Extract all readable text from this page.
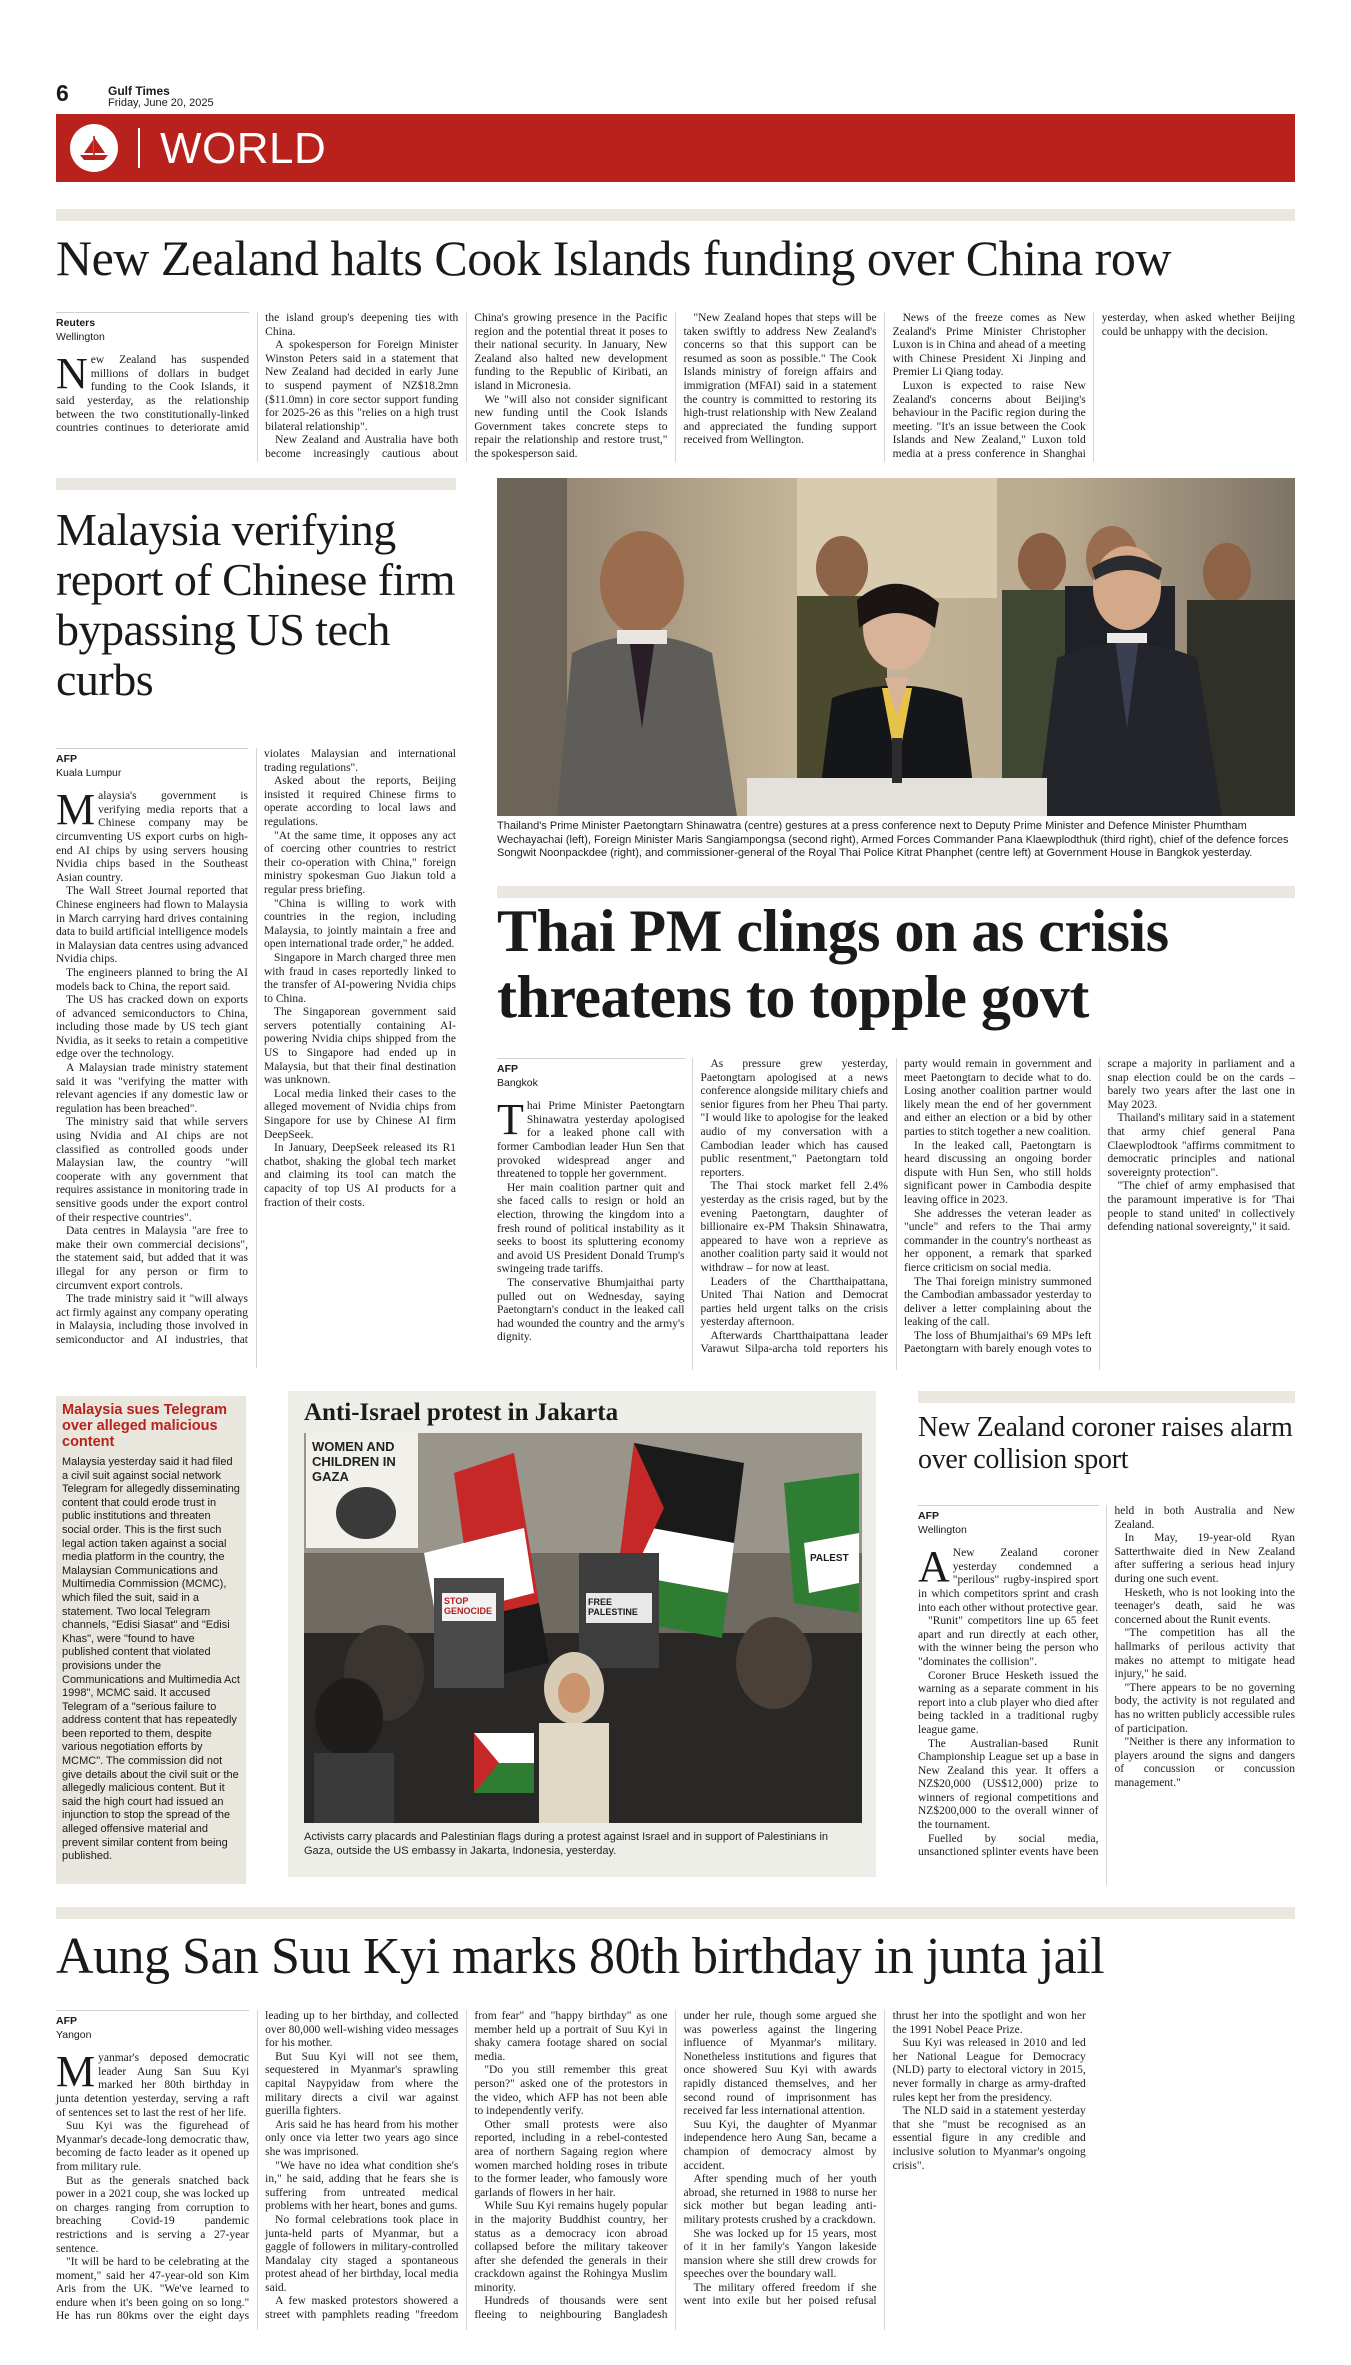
6	Gulf Times
Friday, June 20, 2025
WORLD
New Zealand halts Cook Islands funding over China row
Reuters
Wellington

New Zealand has suspended millions of dollars in budget funding to the Cook Islands, it said yesterday, as the relationship between the two constitutionally-linked countries continues to deteriorate amid the island group's deepening ties with China.

A spokesperson for Foreign Minister Winston Peters said in a statement that New Zealand had decided in early June to suspend payment of NZ$18.2mn ($11.0mn) in core sector support funding for 2025-26 as this "relies on a high trust bilateral relationship".

New Zealand and Australia have both become increasingly cautious about China's growing presence in the Pacific region and the potential threat it poses to their national security. In January, New Zealand also halted new development funding to the Republic of Kiribati, an island in Micronesia.

We "will also not consider significant new funding until the Cook Islands Government takes concrete steps to repair the relationship and restore trust," the spokesperson said.

"New Zealand hopes that steps will be taken swiftly to address New Zealand's concerns so that this support can be resumed as soon as possible." The Cook Islands ministry of foreign affairs and immigration (MFAI) said in a statement the country is committed to restoring its high-trust relationship with New Zealand and appreciated the funding support received from Wellington.

News of the freeze comes as New Zealand's Prime Minister Christopher Luxon is in China and ahead of a meeting with Chinese President Xi Jinping and Premier Li Qiang today.

Luxon is expected to raise New Zealand's concerns about Beijing's behaviour in the Pacific region during the meeting. "It's an issue between the Cook Islands and New Zealand," Luxon told media at a press conference in Shanghai yesterday, when asked whether Beijing could be unhappy with the decision.

Malaysia verifying report of Chinese firm bypassing US tech curbs
AFP
Kuala Lumpur

Malaysia's government is verifying media reports that a Chinese company may be circumventing US export curbs on high-end AI chips by using servers housing Nvidia chips based in the Southeast Asian country.

The Wall Street Journal reported that Chinese engineers had flown to Malaysia in March carrying hard drives containing data to build artificial intelligence models in Malaysian data centres using advanced Nvidia chips.

The engineers planned to bring the AI models back to China, the report said.

The US has cracked down on exports of advanced semiconductors to China, including those made by US tech giant Nvidia, as it seeks to retain a competitive edge over the technology.

A Malaysian trade ministry statement said it was "verifying the matter with relevant agencies if any domestic law or regulation has been breached".

The ministry said that while servers using Nvidia and AI chips are not classified as controlled goods under Malaysian law, the country "will cooperate with any government that requires assistance in monitoring trade in sensitive goods under the export control of their respective countries".

Data centres in Malaysia "are free to make their own commercial decisions", the statement said, but added that it was illegal for any person or firm to circumvent export controls.

The trade ministry said it "will always act firmly against any company operating in Malaysia, including those involved in semiconductor and AI industries, that violates Malaysian and international trading regulations".

Asked about the reports, Beijing insisted it required Chinese firms to operate according to local laws and regulations.

"At the same time, it opposes any act of coercing other countries to restrict their co-operation with China," foreign ministry spokesman Guo Jiakun told a regular press briefing.

"China is willing to work with countries in the region, including Malaysia, to jointly maintain a free and open international trade order," he added.

Singapore in March charged three men with fraud in cases reportedly linked to the transfer of AI-powering Nvidia chips to China.

The Singaporean government said servers potentially containing AI-powering Nvidia chips shipped from the US to Singapore had ended up in Malaysia, but that their final destination was unknown.

Local media linked their cases to the alleged movement of Nvidia chips from Singapore for use by Chinese AI firm DeepSeek.

In January, DeepSeek released its R1 chatbot, shaking the global tech market and claiming its tool can match the capacity of top US AI products for a fraction of their costs.

Thailand's Prime Minister Paetongtarn Shinawatra (centre) gestures at a press conference next to Deputy Prime Minister and Defence Minister Phumtham Wechayachai (left), Foreign Minister Maris Sangiampongsa (second right), Armed Forces Commander Pana Klaewplodthuk (third right), chief of the defence forces Songwit Noonpackdee (right), and commissioner-general of the Royal Thai Police Kitrat Phanphet (centre left) at Government House in Bangkok yesterday.
Thai PM clings on as crisis threatens to topple govt
AFP
Bangkok

Thai Prime Minister Paetongtarn Shinawatra yesterday apologised for a leaked phone call with former Cambodian leader Hun Sen that provoked widespread anger and threatened to topple her government.

Her main coalition partner quit and she faced calls to resign or hold an election, throwing the kingdom into a fresh round of political instability as it seeks to boost its spluttering economy and avoid US President Donald Trump's swingeing trade tariffs.

The conservative Bhumjaithai party pulled out on Wednesday, saying Paetongtarn's conduct in the leaked call had wounded the country and the army's dignity.

As pressure grew yesterday, Paetongtarn apologised at a news conference alongside military chiefs and senior figures from her Pheu Thai party. "I would like to apologise for the leaked audio of my conversation with a Cambodian leader which has caused public resentment," Paetongtarn told reporters.

The Thai stock market fell 2.4% yesterday as the crisis raged, but by the evening Paetongtarn, daughter of billionaire ex-PM Thaksin Shinawatra, appeared to have won a reprieve as another coalition party said it would not withdraw – for now at least.

Leaders of the Chartthaipattana, United Thai Nation and Democrat parties held urgent talks on the crisis yesterday afternoon.

Afterwards Chartthaipattana leader Varawut Silpa-archa told reporters his party would remain in government and meet Paetongtarn to decide what to do. Losing another coalition partner would likely mean the end of her government and either an election or a bid by other parties to stitch together a new coalition.

In the leaked call, Paetongtarn is heard discussing an ongoing border dispute with Hun Sen, who still holds significant power in Cambodia despite leaving office in 2023.

She addresses the veteran leader as "uncle" and refers to the Thai army commander in the country's northeast as her opponent, a remark that sparked fierce criticism on social media.

The Thai foreign ministry summoned the Cambodian ambassador yesterday to deliver a letter complaining about the leaking of the call.

The loss of Bhumjaithai's 69 MPs left Paetongtarn with barely enough votes to scrape a majority in parliament and a snap election could be on the cards – barely two years after the last one in May 2023.

Thailand's military said in a statement that army chief general Pana Claewplodtook "affirms commitment to democratic principles and national sovereignty protection".

"The chief of army emphasised that the paramount imperative is for 'Thai people to stand united' in collectively defending national sovereignty," it said.

Malaysia sues Telegram over alleged malicious content
Malaysia yesterday said it had filed a civil suit against social network Telegram for allegedly disseminating content that could erode trust in public institutions and threaten social order. This is the first such legal action taken against a social media platform in the country, the Malaysian Communications and Multimedia Commission (MCMC), which filed the suit, said in a statement. Two local Telegram channels, "Edisi Siasat" and "Edisi Khas", were "found to have published content that violated provisions under the Communications and Multimedia Act 1998", MCMC said. It accused Telegram of a "serious failure to address content that has repeatedly been reported to them, despite various negotiation efforts by MCMC". The commission did not give details about the civil suit or the allegedly malicious content. But it said the high court had issued an injunction to stop the spread of the alleged offensive material and prevent similar content from being published.
Anti-Israel protest in Jakarta
WOMEN AND CHILDREN IN GAZA
STOP GENOCIDE
FREE PALESTINE
PALEST
Activists carry placards and Palestinian flags during a protest against Israel and in support of Palestinians in Gaza, outside the US embassy in Jakarta, Indonesia, yesterday.
New Zealand coroner raises alarm over collision sport
AFP
Wellington

A New Zealand coroner yesterday condemned a "perilous" rugby-inspired sport in which competitors sprint and crash into each other without protective gear.

"Runit" competitors line up 65 feet apart and run directly at each other, with the winner being the person who "dominates the collision".

Coroner Bruce Hesketh issued the warning as a separate comment in his report into a club player who died after being tackled in a traditional rugby league game.

The Australian-based Runit Championship League set up a base in New Zealand this year. It offers a NZ$20,000 (US$12,000) prize to winners of regional competitions and NZ$200,000 to the overall winner of the tournament.

Fuelled by social media, unsanctioned splinter events have been held in both Australia and New Zealand.

In May, 19-year-old Ryan Satterthwaite died in New Zealand after suffering a serious head injury during one such event.

Hesketh, who is not looking into the teenager's death, said he was concerned about the Runit events.

"The competition has all the hallmarks of perilous activity that makes no attempt to mitigate head injury," he said.

"There appears to be no governing body, the activity is not regulated and has no written publicly accessible rules of participation.

"Neither is there any information to players around the signs and dangers of concussion or concussion management."

Aung San Suu Kyi marks 80th birthday in junta jail
AFP
Yangon

Myanmar's deposed democratic leader Aung San Suu Kyi marked her 80th birthday in junta detention yesterday, serving a raft of sentences set to last the rest of her life.

Suu Kyi was the figurehead of Myanmar's decade-long democratic thaw, becoming de facto leader as it opened up from military rule.

But as the generals snatched back power in a 2021 coup, she was locked up on charges ranging from corruption to breaching Covid-19 pandemic restrictions and is serving a 27-year sentence.

"It will be hard to be celebrating at the moment," said her 47-year-old son Kim Aris from the UK. "We've learned to endure when it's been going on so long." He has run 80kms over the eight days leading up to her birthday, and collected over 80,000 well-wishing video messages for his mother.

But Suu Kyi will not see them, sequestered in Myanmar's sprawling capital Naypyidaw from where the military directs a civil war against guerilla fighters.

Aris said he has heard from his mother only once via letter two years ago since she was imprisoned.

"We have no idea what condition she's in," he said, adding that he fears she is suffering from untreated medical problems with her heart, bones and gums.

No formal celebrations took place in junta-held parts of Myanmar, but a gaggle of followers in military-controlled Mandalay city staged a spontaneous protest ahead of her birthday, local media said.

A few masked protestors showered a street with pamphlets reading "freedom from fear" and "happy birthday" as one member held up a portrait of Suu Kyi in shaky camera footage shared on social media.

"Do you still remember this great person?" asked one of the protestors in the video, which AFP has not been able to independently verify.

Other small protests were also reported, including in a rebel-contested area of northern Sagaing region where women marched holding roses in tribute to the former leader, who famously wore garlands of flowers in her hair.

While Suu Kyi remains hugely popular in the majority Buddhist country, her status as a democracy icon abroad collapsed before the military takeover after she defended the generals in their crackdown against the Rohingya Muslim minority.

Hundreds of thousands were sent fleeing to neighbouring Bangladesh under her rule, though some argued she was powerless against the lingering influence of Myanmar's military. Nonetheless institutions and figures that once showered Suu Kyi with awards rapidly distanced themselves, and her second round of imprisonment has received far less international attention.

Suu Kyi, the daughter of Myanmar independence hero Aung San, became a champion of democracy almost by accident.

After spending much of her youth abroad, she returned in 1988 to nurse her sick mother but began leading anti-military protests crushed by a crackdown.

She was locked up for 15 years, most of it in her family's Yangon lakeside mansion where she still drew crowds for speeches over the boundary wall.

The military offered freedom if she went into exile but her poised refusal thrust her into the spotlight and won her the 1991 Nobel Peace Prize.

Suu Kyi was released in 2010 and led her National League for Democracy (NLD) party to electoral victory in 2015, never formally in charge as army-drafted rules kept her from the presidency.

The NLD said in a statement yesterday that she "must be recognised as an essential figure in any credible and inclusive solution to Myanmar's ongoing crisis".
